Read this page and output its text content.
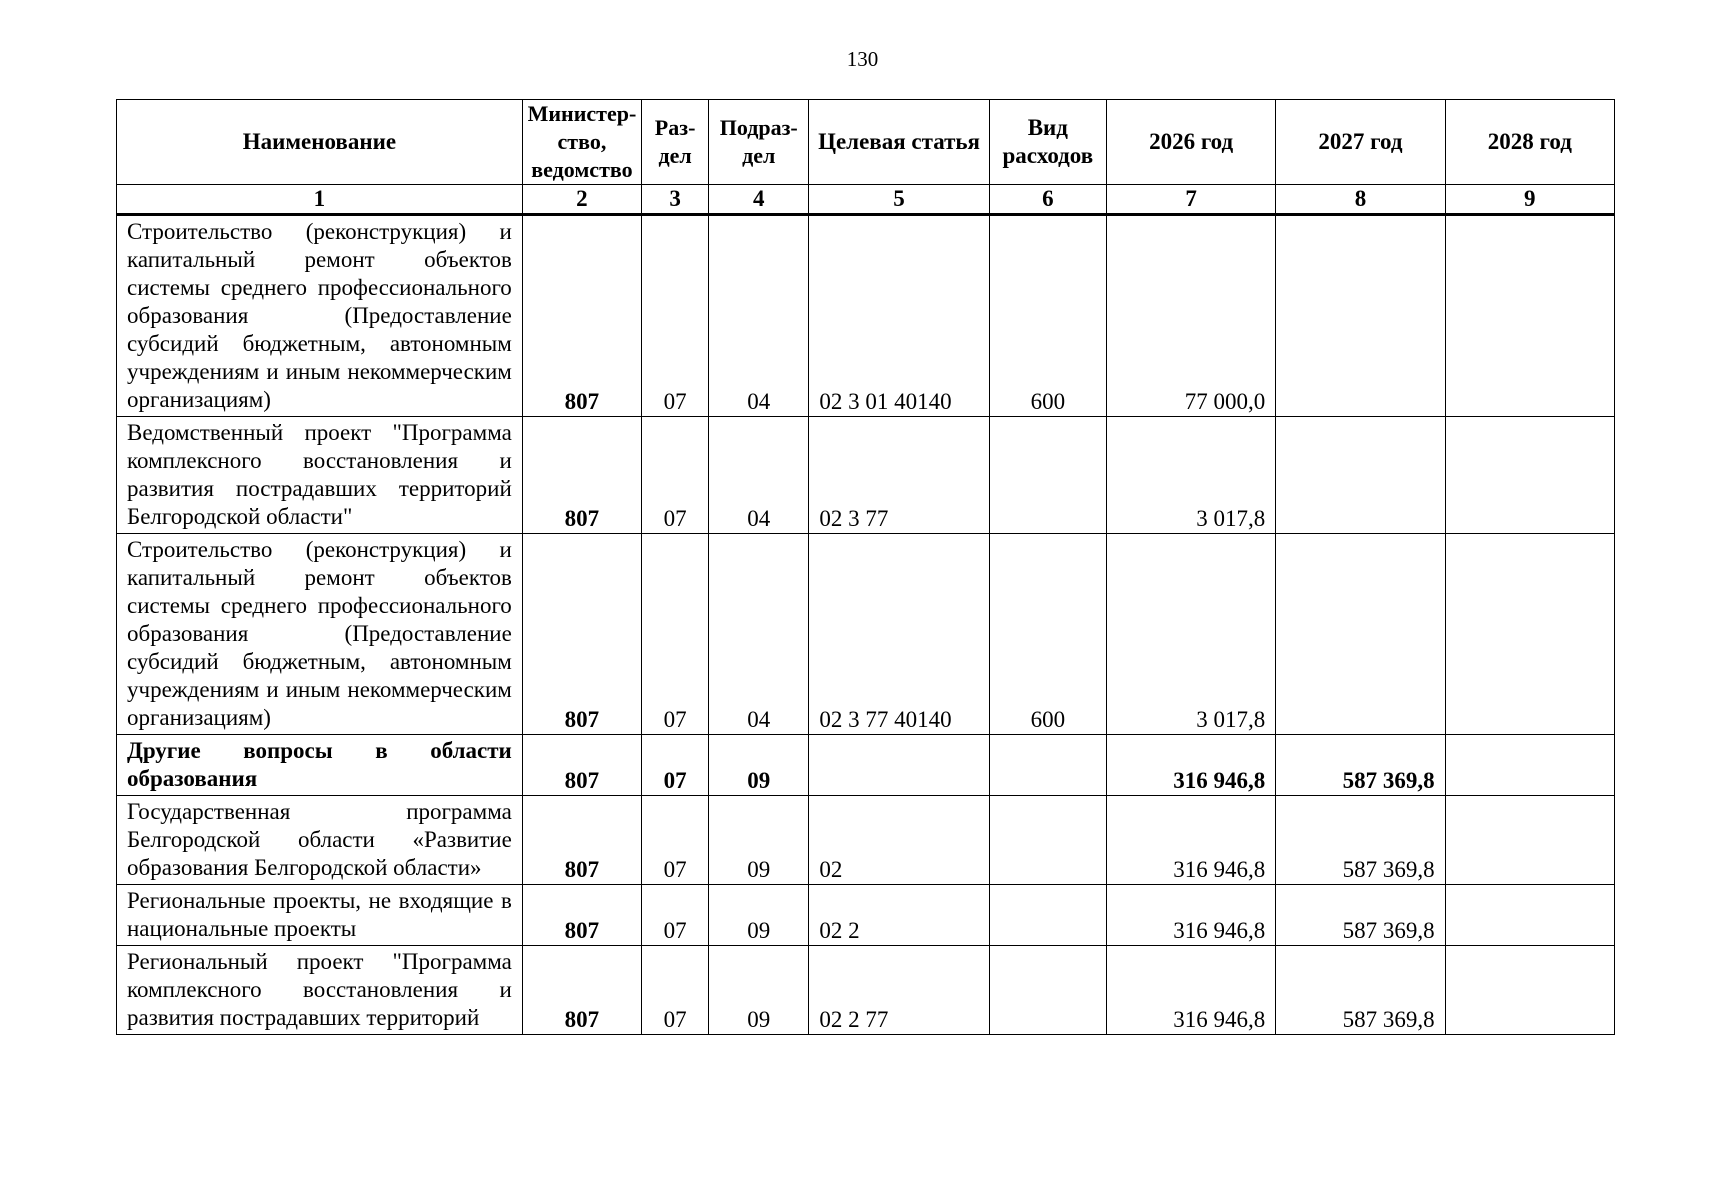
130
Наименование	Министер-ство, ведомство	Раз-дел	Подраз-дел	Целевая статья	Вид расходов	2026 год	2027 год	2028 год
1	2	3	4	5	6	7	8	9
Строительство (реконструкция) и капитальный ремонт объектов системы среднего профессионального образования (Предоставление субсидий бюджетным, автономным учреждениям и иным некоммерческим организациям)	807	07	04	02 3 01 40140	600	77 000,0		
Ведомственный проект "Программа комплексного восстановления и развития пострадавших территорий Белгородской области"	807	07	04	02 3 77		3 017,8		
Строительство (реконструкция) и капитальный ремонт объектов системы среднего профессионального образования (Предоставление субсидий бюджетным, автономным учреждениям и иным некоммерческим организациям)	807	07	04	02 3 77 40140	600	3 017,8		
Другие вопросы в области образования	807	07	09			316 946,8	587 369,8	
Государственная программа Белгородской области «Развитие образования Белгородской области»	807	07	09	02		316 946,8	587 369,8	
Региональные проекты, не входящие в национальные проекты	807	07	09	02 2		316 946,8	587 369,8	
Региональный проект "Программа комплексного восстановления и развития пострадавших территорий	807	07	09	02 2 77		316 946,8	587 369,8	
